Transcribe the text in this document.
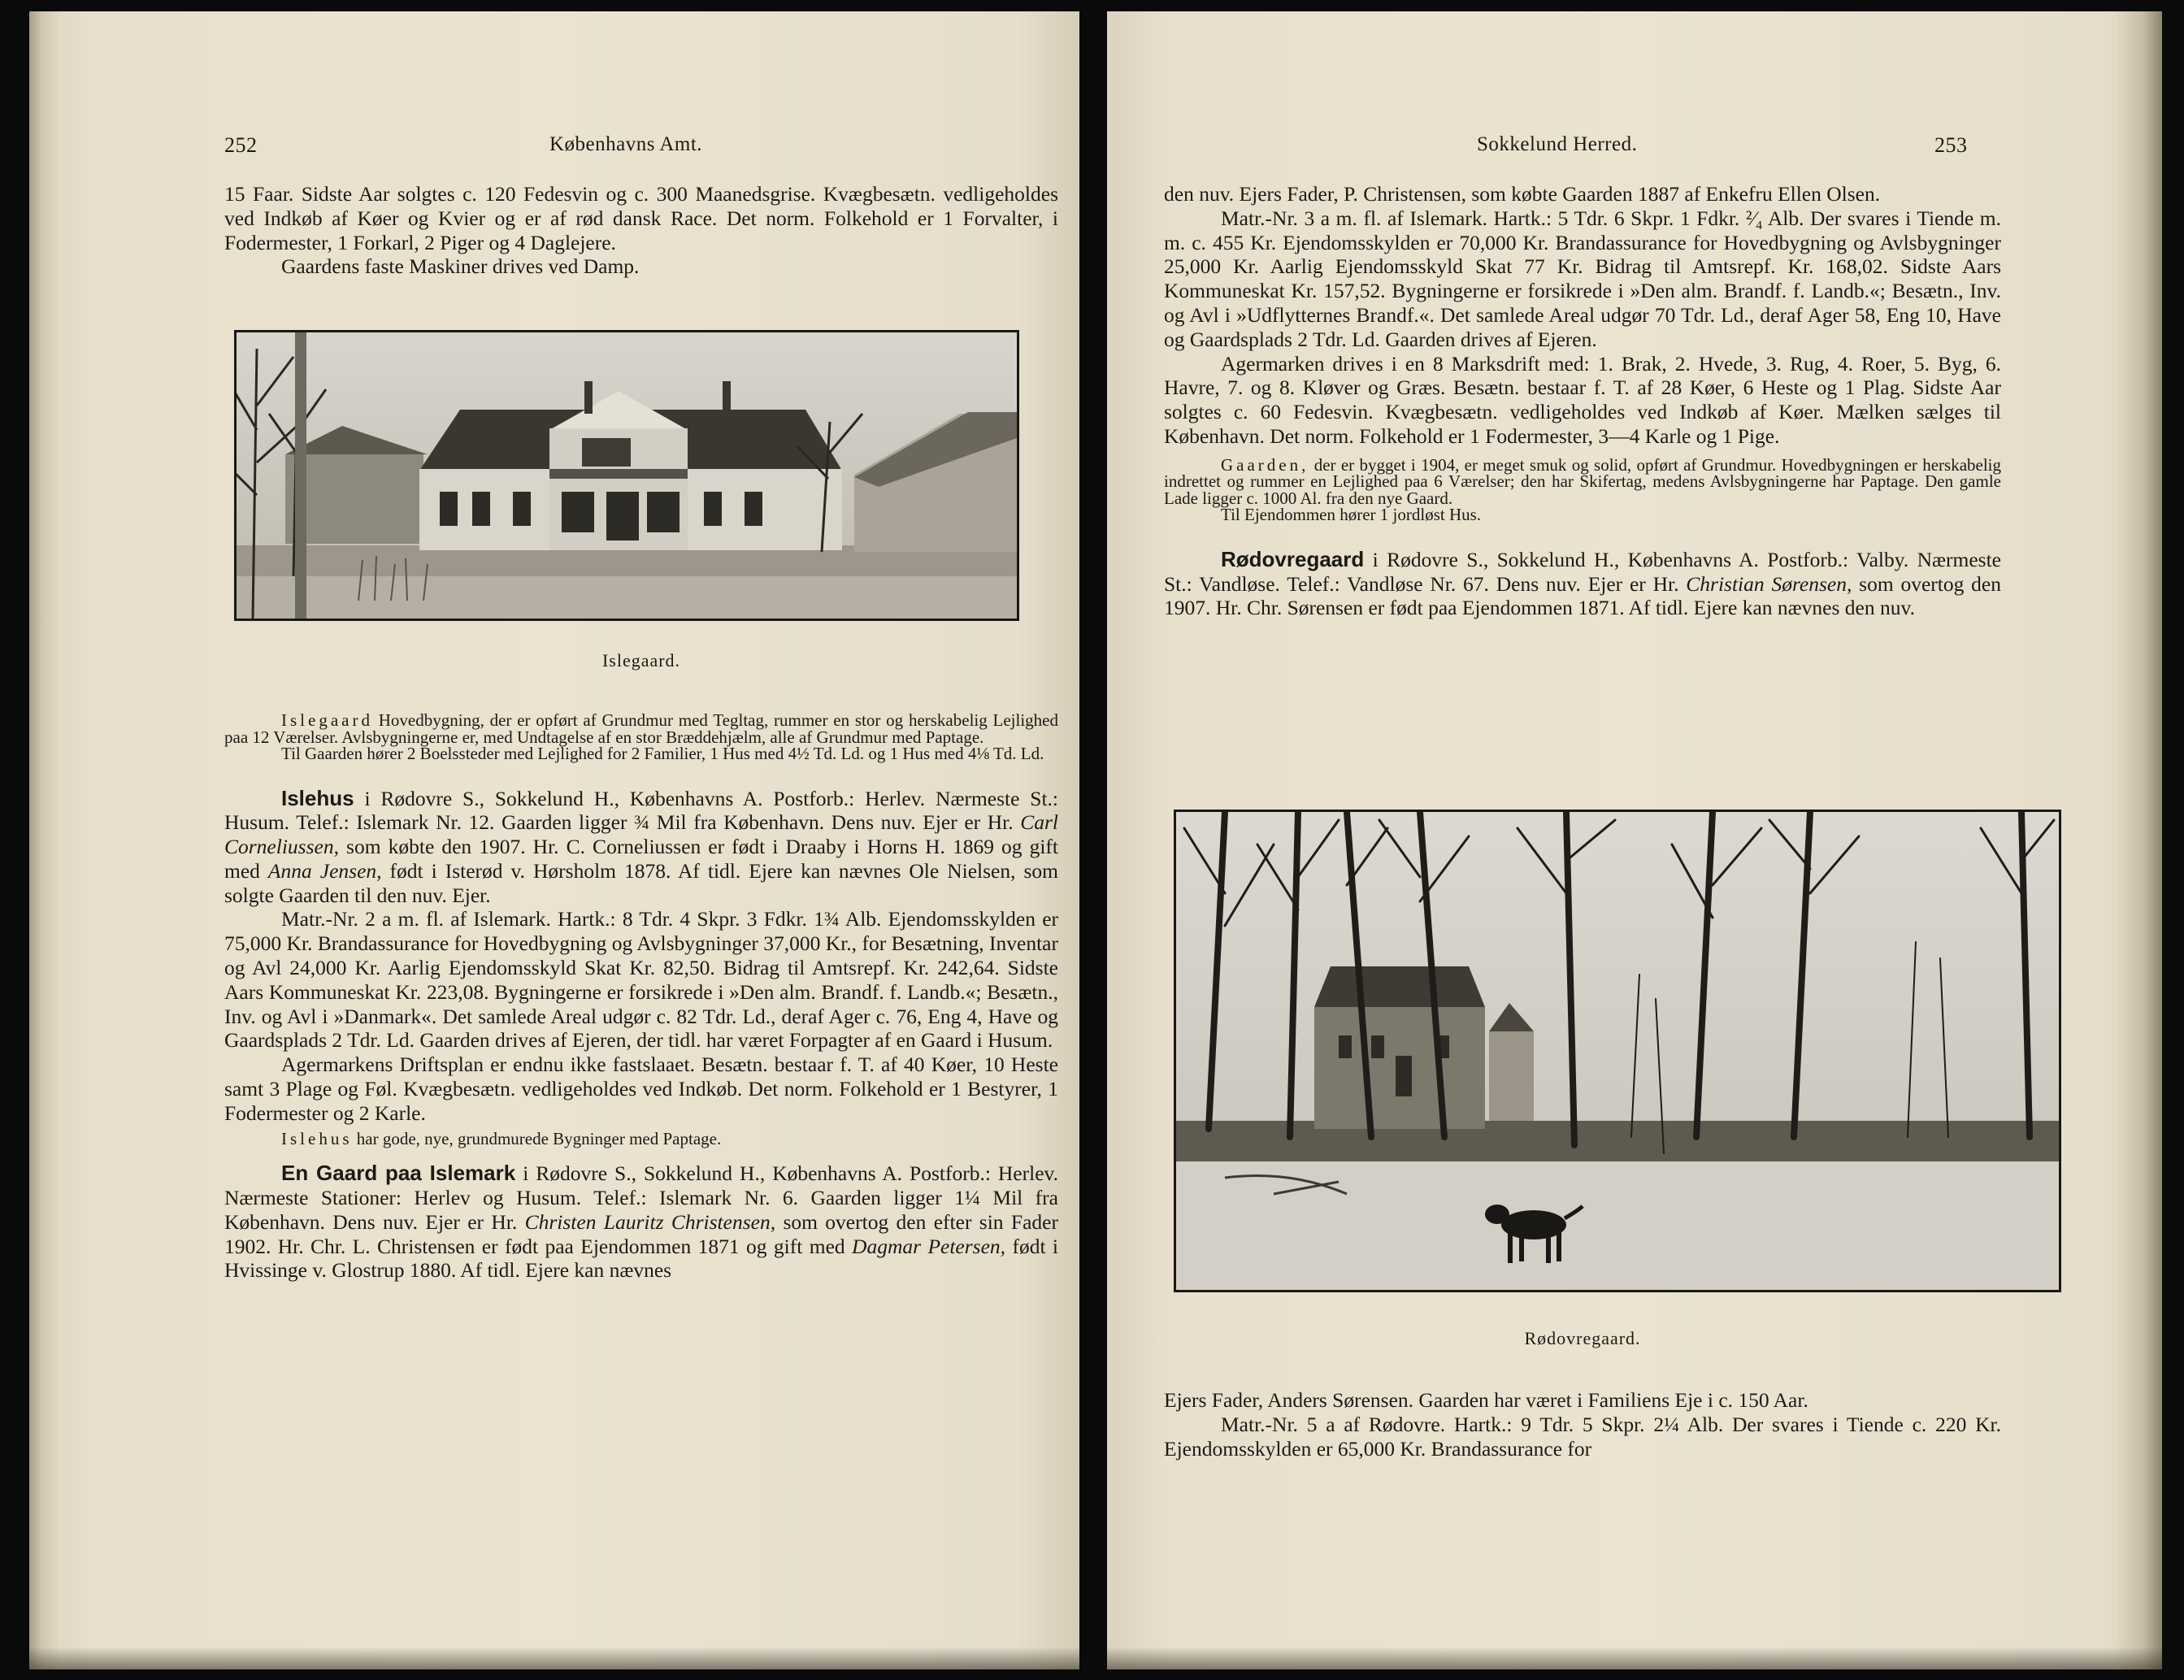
252	Københavns Amt.

15 Faar. Sidste Aar solgtes c. 120 Fedesvin og c. 300 Maanedsgrise. Kvægbesætn. vedligeholdes ved Indkøb af Køer og Kvier og er af rød dansk Race. Det norm. Folkehold er 1 Forvalter, i Fodermester, 1 Forkarl, 2 Piger og 4 Daglejere.

Gaardens faste Maskiner drives ved Damp.

Islegaard.

Islegaard Hovedbygning, der er opført af Grundmur med Tegltag, rummer en stor og herskabelig Lejlighed paa 12 Værelser. Avlsbygningerne er, med Undtagelse af en stor Bræddehjælm, alle af Grundmur med Paptage.

Til Gaarden hører 2 Boelssteder med Lejlighed for 2 Familier, 1 Hus med 4½ Td. Ld. og 1 Hus med 4⅛ Td. Ld.

Islehus i Rødovre S., Sokkelund H., Københavns A. Postforb.: Herlev. Nærmeste St.: Husum. Telef.: Islemark Nr. 12. Gaarden ligger ¾ Mil fra København. Dens nuv. Ejer er Hr. Carl Corneliussen, som købte den 1907. Hr. C. Corneliussen er født i Draaby i Horns H. 1869 og gift med Anna Jensen, født i Isterød v. Hørsholm 1878. Af tidl. Ejere kan nævnes Ole Nielsen, som solgte Gaarden til den nuv. Ejer.

Matr.-Nr. 2 a m. fl. af Islemark. Hartk.: 8 Tdr. 4 Skpr. 3 Fdkr. 1¾ Alb. Ejendomsskylden er 75,000 Kr. Brandassurance for Hovedbygning og Avlsbygninger 37,000 Kr., for Besætning, Inventar og Avl 24,000 Kr. Aarlig Ejendomsskyld Skat Kr. 82,50. Bidrag til Amtsrepf. Kr. 242,64. Sidste Aars Kommuneskat Kr. 223,08. Bygningerne er forsikrede i »Den alm. Brandf. f. Landb.«; Besætn., Inv. og Avl i »Danmark«. Det samlede Areal udgør c. 82 Tdr. Ld., deraf Ager c. 76, Eng 4, Have og Gaardsplads 2 Tdr. Ld. Gaarden drives af Ejeren, der tidl. har været Forpagter af en Gaard i Husum.

Agermarkens Driftsplan er endnu ikke fastslaaet. Besætn. bestaar f. T. af 40 Køer, 10 Heste samt 3 Plage og Føl. Kvægbesætn. vedligeholdes ved Indkøb. Det norm. Folkehold er 1 Bestyrer, 1 Fodermester og 2 Karle.

Islehus har gode, nye, grundmurede Bygninger med Paptage.

En Gaard paa Islemark i Rødovre S., Sokkelund H., Københavns A. Postforb.: Herlev. Nærmeste Stationer: Herlev og Husum. Telef.: Islemark Nr. 6. Gaarden ligger 1¼ Mil fra København. Dens nuv. Ejer er Hr. Christen Lauritz Christensen, som overtog den efter sin Fader 1902. Hr. Chr. L. Christensen er født paa Ejendommen 1871 og gift med Dagmar Petersen, født i Hvissinge v. Glostrup 1880. Af tidl. Ejere kan nævnes

Sokkelund Herred.	253

den nuv. Ejers Fader, P. Christensen, som købte Gaarden 1887 af Enkefru Ellen Olsen.

Matr.-Nr. 3 a m. fl. af Islemark. Hartk.: 5 Tdr. 6 Skpr. 1 Fdkr. ²⁄₄ Alb. Der svares i Tiende m. m. c. 455 Kr. Ejendomsskylden er 70,000 Kr. Brandassurance for Hovedbygning og Avlsbygninger 25,000 Kr. Aarlig Ejendomsskyld Skat 77 Kr. Bidrag til Amtsrepf. Kr. 168,02. Sidste Aars Kommuneskat Kr. 157,52. Bygningerne er forsikrede i »Den alm. Brandf. f. Landb.«; Besætn., Inv. og Avl i »Udflytternes Brandf.«. Det samlede Areal udgør 70 Tdr. Ld., deraf Ager 58, Eng 10, Have og Gaardsplads 2 Tdr. Ld. Gaarden drives af Ejeren.

Agermarken drives i en 8 Marksdrift med: 1. Brak, 2. Hvede, 3. Rug, 4. Roer, 5. Byg, 6. Havre, 7. og 8. Kløver og Græs. Besætn. bestaar f. T. af 28 Køer, 6 Heste og 1 Plag. Sidste Aar solgtes c. 60 Fedesvin. Kvægbesætn. vedligeholdes ved Indkøb af Køer. Mælken sælges til København. Det norm. Folkehold er 1 Fodermester, 3—4 Karle og 1 Pige.

Gaarden, der er bygget i 1904, er meget smuk og solid, opført af Grundmur. Hovedbygningen er herskabelig indrettet og rummer en Lejlighed paa 6 Værelser; den har Skifertag, medens Avlsbygningerne har Paptage. Den gamle Lade ligger c. 1000 Al. fra den nye Gaard.

Til Ejendommen hører 1 jordløst Hus.

Rødovregaard i Rødovre S., Sokkelund H., Københavns A. Postforb.: Valby. Nærmeste St.: Vandløse. Telef.: Vandløse Nr. 67. Dens nuv. Ejer er Hr. Christian Sørensen, som overtog den 1907. Hr. Chr. Sørensen er født paa Ejendommen 1871. Af tidl. Ejere kan nævnes den nuv.

Rødovregaard.

Ejers Fader, Anders Sørensen. Gaarden har været i Familiens Eje i c. 150 Aar.

Matr.-Nr. 5 a af Rødovre. Hartk.: 9 Tdr. 5 Skpr. 2¼ Alb. Der svares i Tiende c. 220 Kr. Ejendomsskylden er 65,000 Kr. Brandassurance for
